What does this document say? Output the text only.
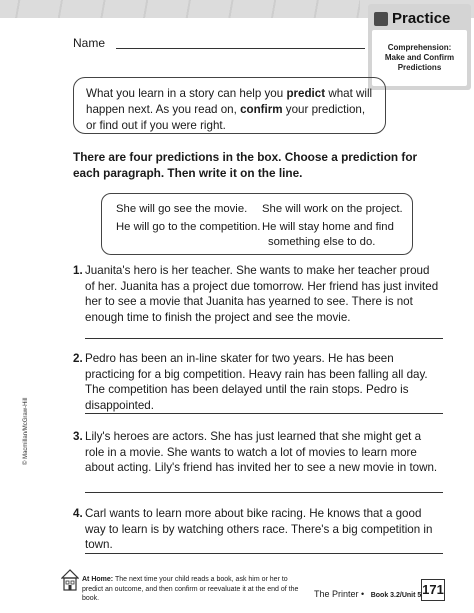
Name
Practice
Comprehension:
Make and Confirm
Predictions
What you learn in a story can help you predict what will happen next. As you read on, confirm your prediction, or find out if you were right.
There are four predictions in the box. Choose a prediction for each paragraph. Then write it on the line.
She will go see the movie. She will work on the project.
He will go to the competition. He will stay home and find
something else to do.
1. Juanita's hero is her teacher. She wants to make her teacher proud of her. Juanita has a project due tomorrow. Her friend has just invited her to see a movie that Juanita has yearned to see. There is not enough time to finish the project and see the movie.
2. Pedro has been an in-line skater for two years. He has been practicing for a big competition. Heavy rain has been falling all day. The competition has been delayed until the rain stops. Pedro is disappointed.
3. Lily's heroes are actors. She has just learned that she might get a role in a movie. She wants to watch a lot of movies to learn more about acting. Lily's friend has invited her to see a new movie in town.
4. Carl wants to learn more about bike racing. He knows that a good way to learn is by watching others race. There's a big competition in town.
© Macmillan/McGraw-Hill
At Home: The next time your child reads a book, ask him or her to predict an outcome, and then confirm or reevaluate it at the end of the book.	The Printer • Book 3.2/Unit 5 171
